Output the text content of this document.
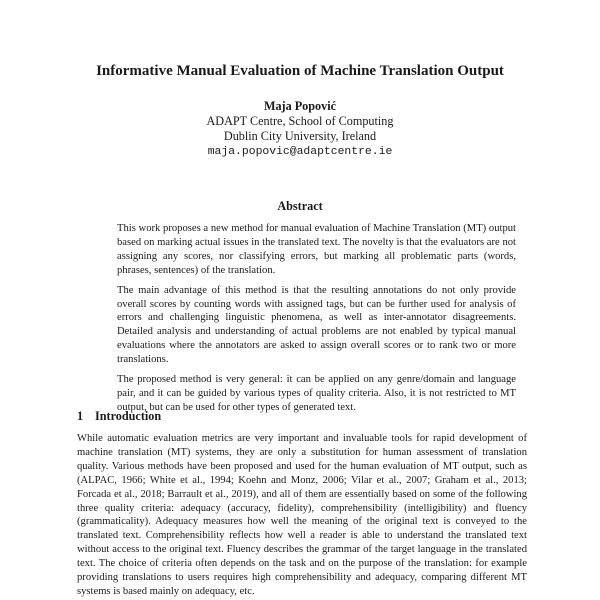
Informative Manual Evaluation of Machine Translation Output
Maja Popović
ADAPT Centre, School of Computing
Dublin City University, Ireland
maja.popovic@adaptcentre.ie
Abstract

This work proposes a new method for manual evaluation of Machine Translation (MT) output based on marking actual issues in the translated text. The novelty is that the evaluators are not assigning any scores, nor classifying errors, but marking all problematic parts (words, phrases, sentences) of the translation.

The main advantage of this method is that the resulting annotations do not only provide overall scores by counting words with assigned tags, but can be further used for analysis of errors and challenging linguistic phenomena, as well as inter-annotator disagreements. Detailed analysis and understanding of actual problems are not enabled by typical manual evaluations where the annotators are asked to assign overall scores or to rank two or more translations.

The proposed method is very general: it can be applied on any genre/domain and language pair, and it can be guided by various types of quality criteria. Also, it is not restricted to MT output, but can be used for other types of generated text.

1 Introduction

While automatic evaluation metrics are very important and invaluable tools for rapid development of machine translation (MT) systems, they are only a substitution for human assessment of translation quality. Various methods have been proposed and used for the human evaluation of MT output, such as (ALPAC, 1966; White et al., 1994; Koehn and Monz, 2006; Vilar et al., 2007; Graham et al., 2013; Forcada et al., 2018; Barrault et al., 2019), and all of them are essentially based on some of the following three quality criteria: adequacy (accuracy, fidelity), comprehensibility (intelligibility) and fluency (grammaticality). Adequacy measures how well the meaning of the original text is conveyed to the translated text. Comprehensibility reflects how well a reader is able to understand the translated text without access to the original text. Fluency describes the grammar of the target language in the translated text. The choice of criteria often depends on the task and on the purpose of the translation: for example providing translations to users requires high comprehensibility and adequacy, comparing different MT systems is based mainly on adequacy, etc.
